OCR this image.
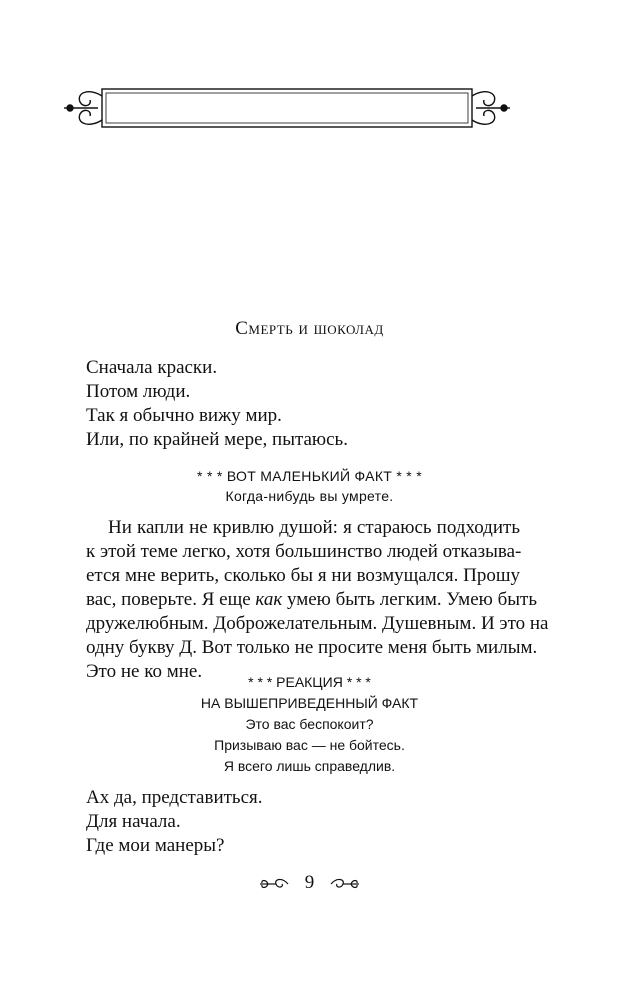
Смерть и шоколад
Сначала краски.
Потом люди.
Так я обычно вижу мир.
Или, по крайней мере, пытаюсь.
* * * ВОТ МАЛЕНЬКИЙ ФАКТ * * *
Когда-нибудь вы умрете.
Ни капли не кривлю душой: я стараюсь подходить
к этой теме легко, хотя большинство людей отказыва-
ется мне верить, сколько бы я ни возмущался. Прошу
вас, поверьте. Я еще как умею быть легким. Умею быть
дружелюбным. Доброжелательным. Душевным. И это на
одну букву Д. Вот только не просите меня быть милым.
Это не ко мне.	* * * РЕАКЦИЯ * * *
НА ВЫШЕПРИВЕДЕННЫЙ ФАКТ
Это вас беспокоит?
Призываю вас — не бойтесь.
Я всего лишь справедлив.
Ах да, представиться.
Для начала.
Где мои манеры?
9
